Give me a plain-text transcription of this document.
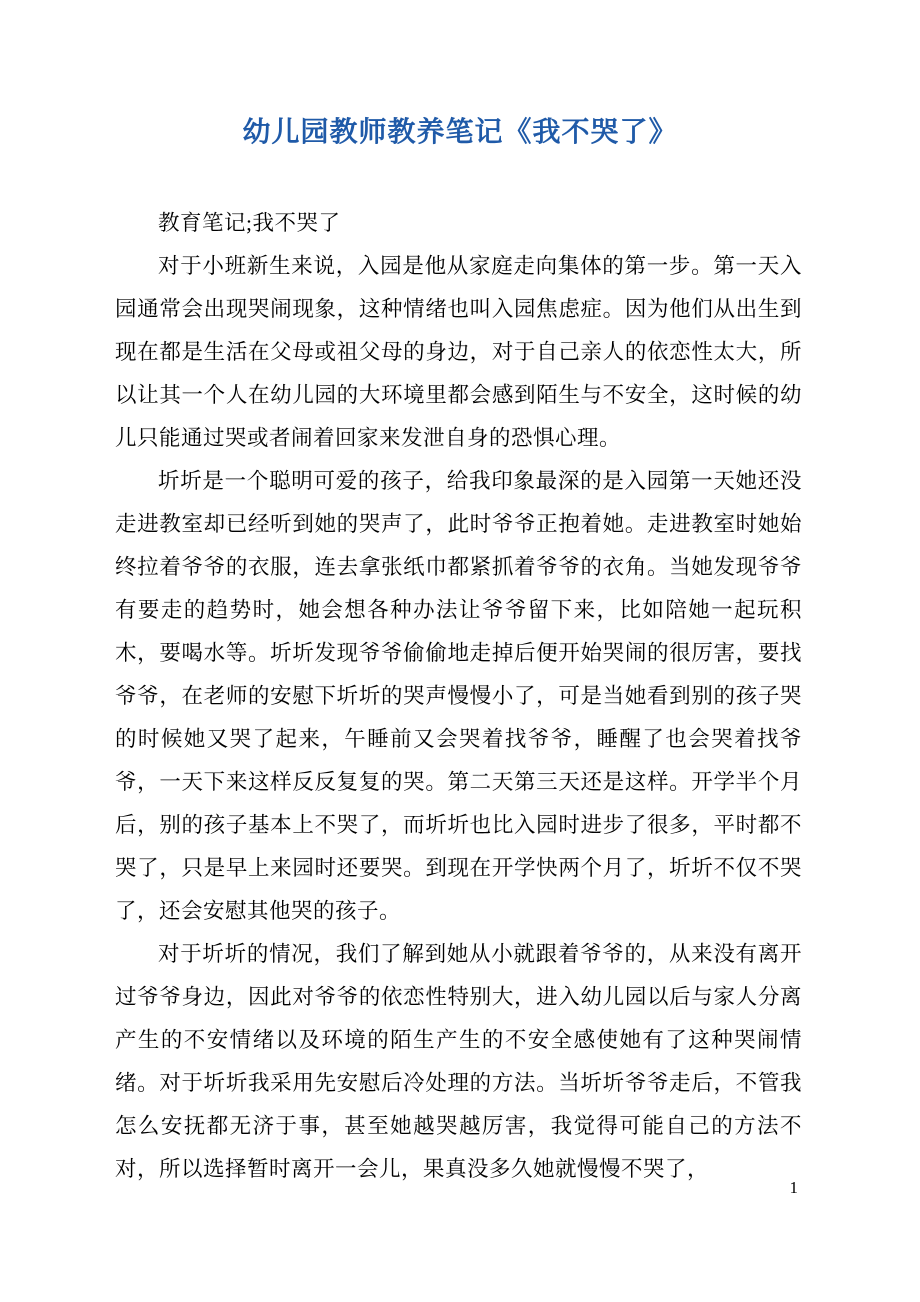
幼儿园教师教养笔记《我不哭了》

教育笔记;我不哭了

对于小班新生来说，入园是他从家庭走向集体的第一步。第一天入园通常会出现哭闹现象，这种情绪也叫入园焦虑症。因为他们从出生到现在都是生活在父母或祖父母的身边，对于自己亲人的依恋性太大，所以让其一个人在幼儿园的大环境里都会感到陌生与不安全，这时候的幼儿只能通过哭或者闹着回家来发泄自身的恐惧心理。

圻圻是一个聪明可爱的孩子，给我印象最深的是入园第一天她还没走进教室却已经听到她的哭声了，此时爷爷正抱着她。走进教室时她始终拉着爷爷的衣服，连去拿张纸巾都紧抓着爷爷的衣角。当她发现爷爷有要走的趋势时，她会想各种办法让爷爷留下来，比如陪她一起玩积木，要喝水等。圻圻发现爷爷偷偷地走掉后便开始哭闹的很厉害，要找爷爷，在老师的安慰下圻圻的哭声慢慢小了，可是当她看到别的孩子哭的时候她又哭了起来，午睡前又会哭着找爷爷，睡醒了也会哭着找爷爷，一天下来这样反反复复的哭。第二天第三天还是这样。开学半个月后，别的孩子基本上不哭了，而圻圻也比入园时进步了很多，平时都不哭了，只是早上来园时还要哭。到现在开学快两个月了，圻圻不仅不哭了，还会安慰其他哭的孩子。

对于圻圻的情况，我们了解到她从小就跟着爷爷的，从来没有离开过爷爷身边，因此对爷爷的依恋性特别大，进入幼儿园以后与家人分离产生的不安情绪以及环境的陌生产生的不安全感使她有了这种哭闹情绪。对于圻圻我采用先安慰后冷处理的方法。当圻圻爷爷走后，不管我怎么安抚都无济于事，甚至她越哭越厉害，我觉得可能自己的方法不对，所以选择暂时离开一会儿，果真没多久她就慢慢不哭了，

1
